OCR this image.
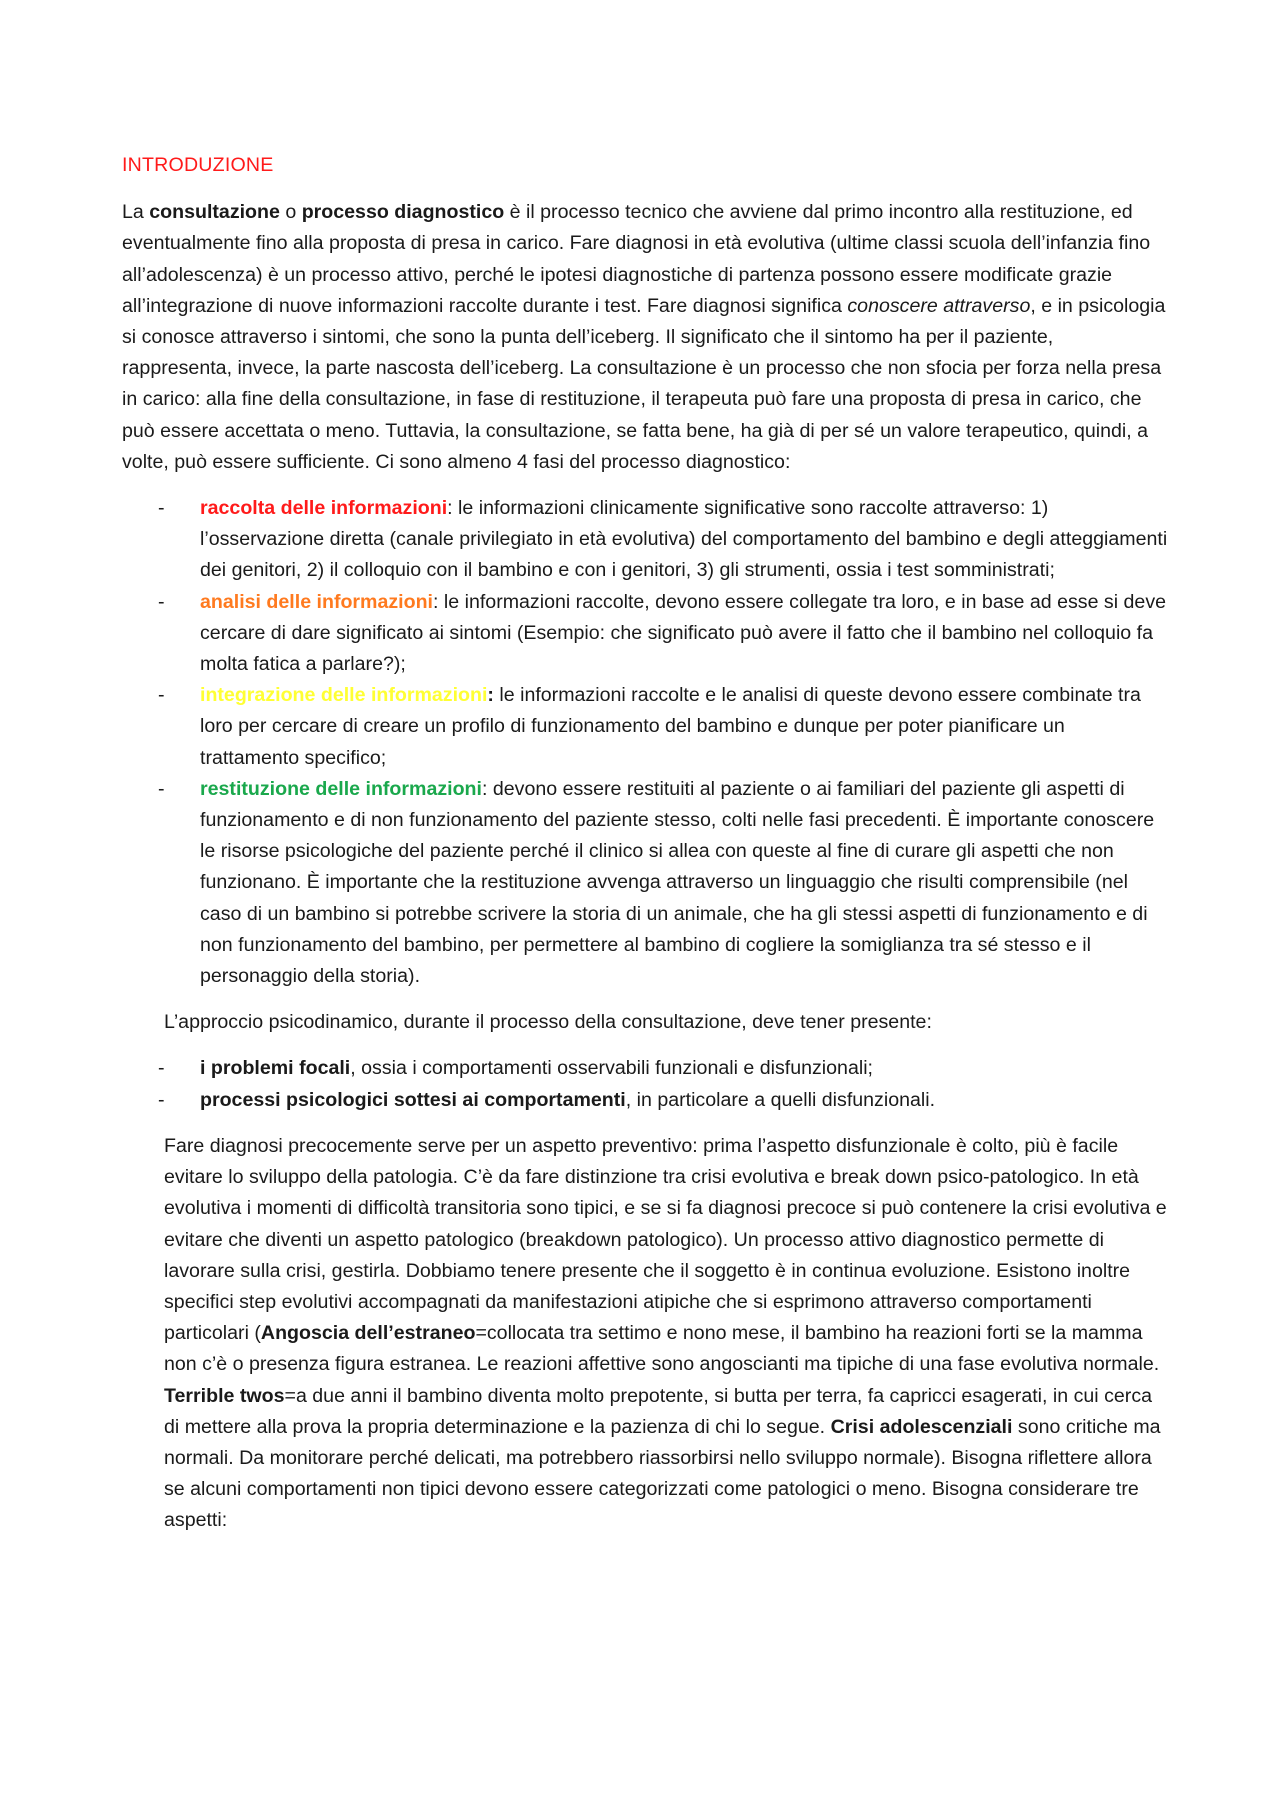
INTRODUZIONE

La consultazione o processo diagnostico è il processo tecnico che avviene dal primo incontro alla restituzione, ed eventualmente fino alla proposta di presa in carico. Fare diagnosi in età evolutiva (ultime classi scuola dell’infanzia fino all’adolescenza) è un processo attivo, perché le ipotesi diagnostiche di partenza possono essere modificate grazie all’integrazione di nuove informazioni raccolte durante i test. Fare diagnosi significa conoscere attraverso, e in psicologia si conosce attraverso i sintomi, che sono la punta dell’iceberg. Il significato che il sintomo ha per il paziente, rappresenta, invece, la parte nascosta dell’iceberg. La consultazione è un processo che non sfocia per forza nella presa in carico: alla fine della consultazione, in fase di restituzione, il terapeuta può fare una proposta di presa in carico, che può essere accettata o meno. Tuttavia, la consultazione, se fatta bene, ha già di per sé un valore terapeutico, quindi, a volte, può essere sufficiente. Ci sono almeno 4 fasi del processo diagnostico:

- raccolta delle informazioni: le informazioni clinicamente significative sono raccolte attraverso: 1) l’osservazione diretta (canale privilegiato in età evolutiva) del comportamento del bambino e degli atteggiamenti dei genitori, 2) il colloquio con il bambino e con i genitori, 3) gli strumenti, ossia i test somministrati;
- analisi delle informazioni: le informazioni raccolte, devono essere collegate tra loro, e in base ad esse si deve cercare di dare significato ai sintomi (Esempio: che significato può avere il fatto che il bambino nel colloquio fa molta fatica a parlare?);
- integrazione delle informazioni: le informazioni raccolte e le analisi di queste devono essere combinate tra loro per cercare di creare un profilo di funzionamento del bambino e dunque per poter pianificare un trattamento specifico;
- restituzione delle informazioni: devono essere restituiti al paziente o ai familiari del paziente gli aspetti di funzionamento e di non funzionamento del paziente stesso, colti nelle fasi precedenti. È importante conoscere le risorse psicologiche del paziente perché il clinico si allea con queste al fine di curare gli aspetti che non funzionano. È importante che la restituzione avvenga attraverso un linguaggio che risulti comprensibile (nel caso di un bambino si potrebbe scrivere la storia di un animale, che ha gli stessi aspetti di funzionamento e di non funzionamento del bambino, per permettere al bambino di cogliere la somiglianza tra sé stesso e il personaggio della storia).

L’approccio psicodinamico, durante il processo della consultazione, deve tener presente:

- i problemi focali, ossia i comportamenti osservabili funzionali e disfunzionali;
- processi psicologici sottesi ai comportamenti, in particolare a quelli disfunzionali.

Fare diagnosi precocemente serve per un aspetto preventivo: prima l’aspetto disfunzionale è colto, più è facile evitare lo sviluppo della patologia. C’è da fare distinzione tra crisi evolutiva e break down psico-patologico. In età evolutiva i momenti di difficoltà transitoria sono tipici, e se si fa diagnosi precoce si può contenere la crisi evolutiva e evitare che diventi un aspetto patologico (breakdown patologico). Un processo attivo diagnostico permette di lavorare sulla crisi, gestirla. Dobbiamo tenere presente che il soggetto è in continua evoluzione. Esistono inoltre specifici step evolutivi accompagnati da manifestazioni atipiche che si esprimono attraverso comportamenti particolari (Angoscia dell’estraneo=collocata tra settimo e nono mese, il bambino ha reazioni forti se la mamma non c’è o presenza figura estranea. Le reazioni affettive sono angoscianti ma tipiche di una fase evolutiva normale. Terrible twos=a due anni il bambino diventa molto prepotente, si butta per terra, fa capricci esagerati, in cui cerca di mettere alla prova la propria determinazione e la pazienza di chi lo segue. Crisi adolescenziali sono critiche ma normali. Da monitorare perché delicati, ma potrebbero riassorbirsi nello sviluppo normale). Bisogna riflettere allora se alcuni comportamenti non tipici devono essere categorizzati come patologici o meno. Bisogna considerare tre aspetti:
